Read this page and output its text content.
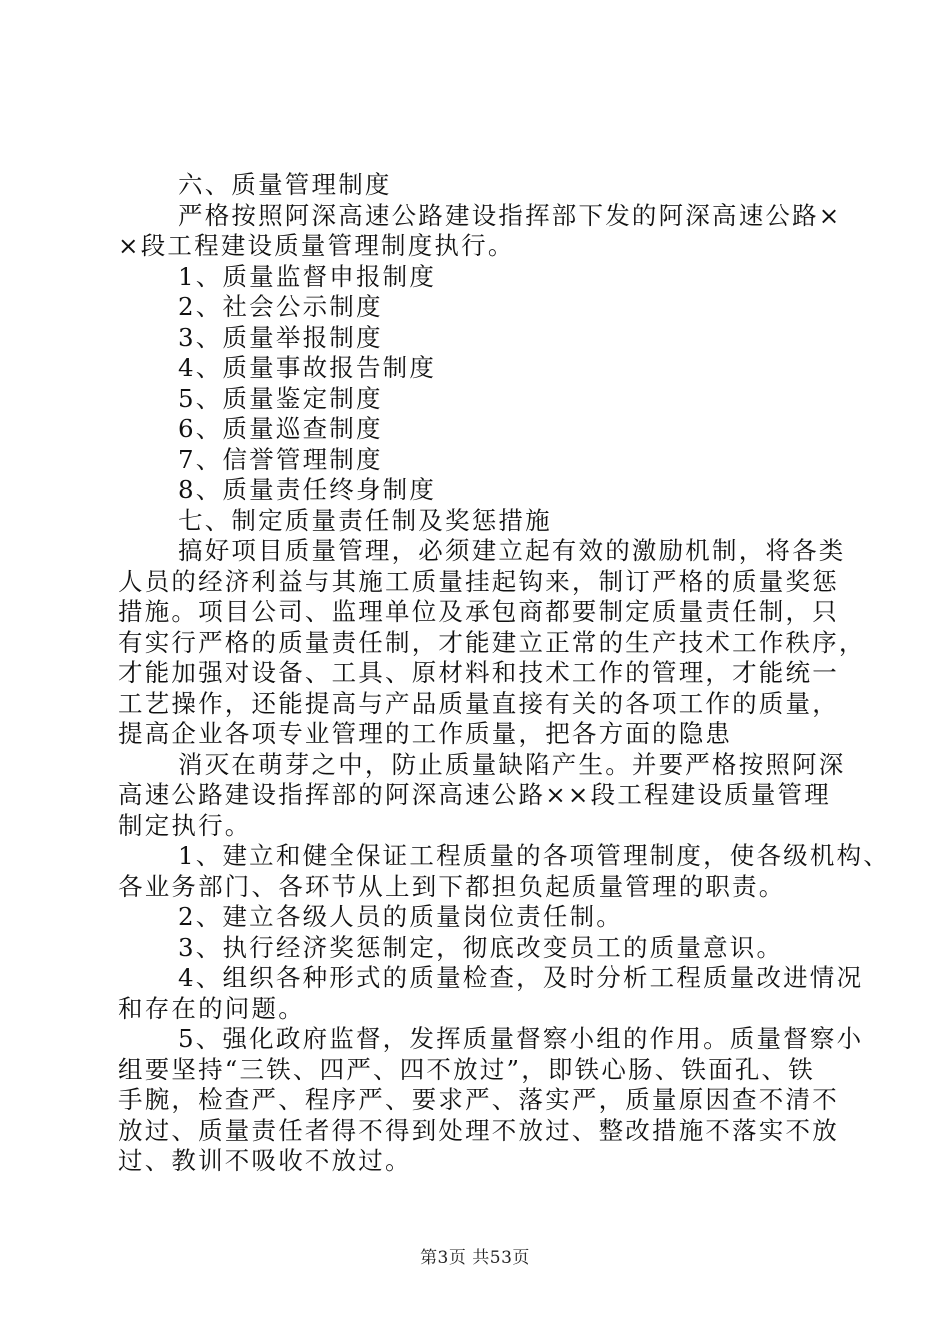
六、质量管理制度
严格按照阿深高速公路建设指挥部下发的阿深高速公路×
×段工程建设质量管理制度执行。
1、质量监督申报制度
2、社会公示制度
3、质量举报制度
4、质量事故报告制度
5、质量鉴定制度
6、质量巡查制度
7、信誉管理制度
8、质量责任终身制度
七、制定质量责任制及奖惩措施
搞好项目质量管理，必须建立起有效的激励机制，将各类
人员的经济利益与其施工质量挂起钩来，制订严格的质量奖惩
措施。项目公司、监理单位及承包商都要制定质量责任制，只
有实行严格的质量责任制，才能建立正常的生产技术工作秩序，
才能加强对设备、工具、原材料和技术工作的管理，才能统一
工艺操作，还能提高与产品质量直接有关的各项工作的质量，
提高企业各项专业管理的工作质量，把各方面的隐患
消灭在萌芽之中，防止质量缺陷产生。并要严格按照阿深
高速公路建设指挥部的阿深高速公路××段工程建设质量管理
制定执行。
1、建立和健全保证工程质量的各项管理制度，使各级机构、
各业务部门、各环节从上到下都担负起质量管理的职责。
2、建立各级人员的质量岗位责任制。
3、执行经济奖惩制定，彻底改变员工的质量意识。
4、组织各种形式的质量检查，及时分析工程质量改进情况
和存在的问题。
5、强化政府监督，发挥质量督察小组的作用。质量督察小
组要坚持“三铁、四严、四不放过”，即铁心肠、铁面孔、铁
手腕，检查严、程序严、要求严、落实严，质量原因查不清不
放过、质量责任者得不得到处理不放过、整改措施不落实不放
过、教训不吸收不放过。
第3页 共53页
